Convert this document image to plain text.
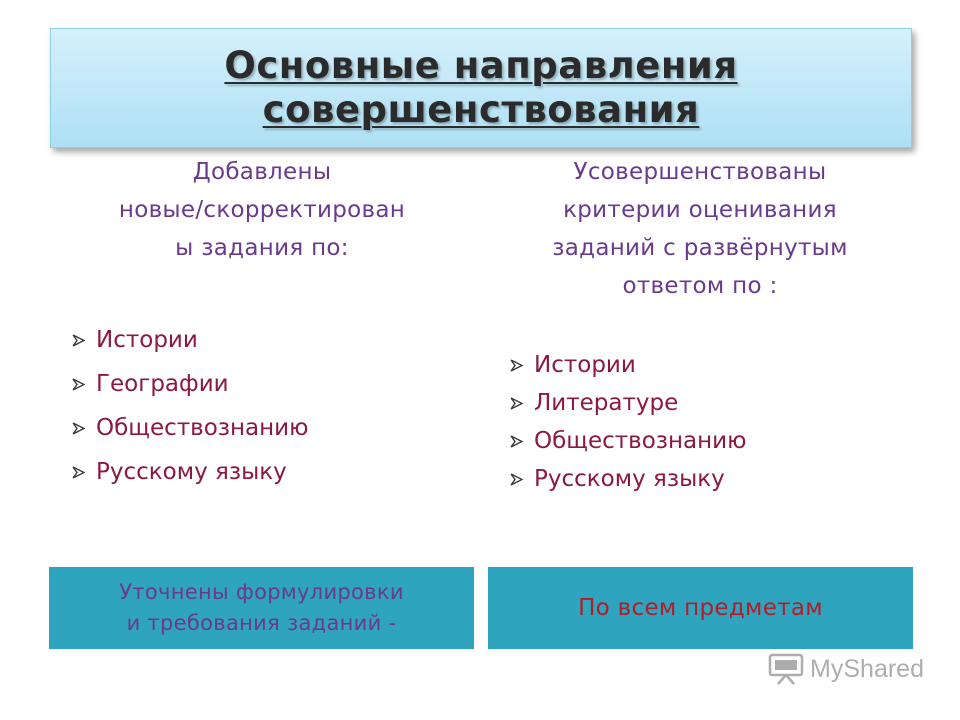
Основные направления
совершенствования
Добавлены
новые/скорректирован
ы задания по:
Усовершенствованы
критерии оценивания
заданий с развёрнутым
ответом по :
Истории
Географии
Обществознанию
Русскому языку
Истории
Литературе
Обществознанию
Русскому языку
Уточнены формулировки
и требования заданий -
По всем предметам
MyShared
